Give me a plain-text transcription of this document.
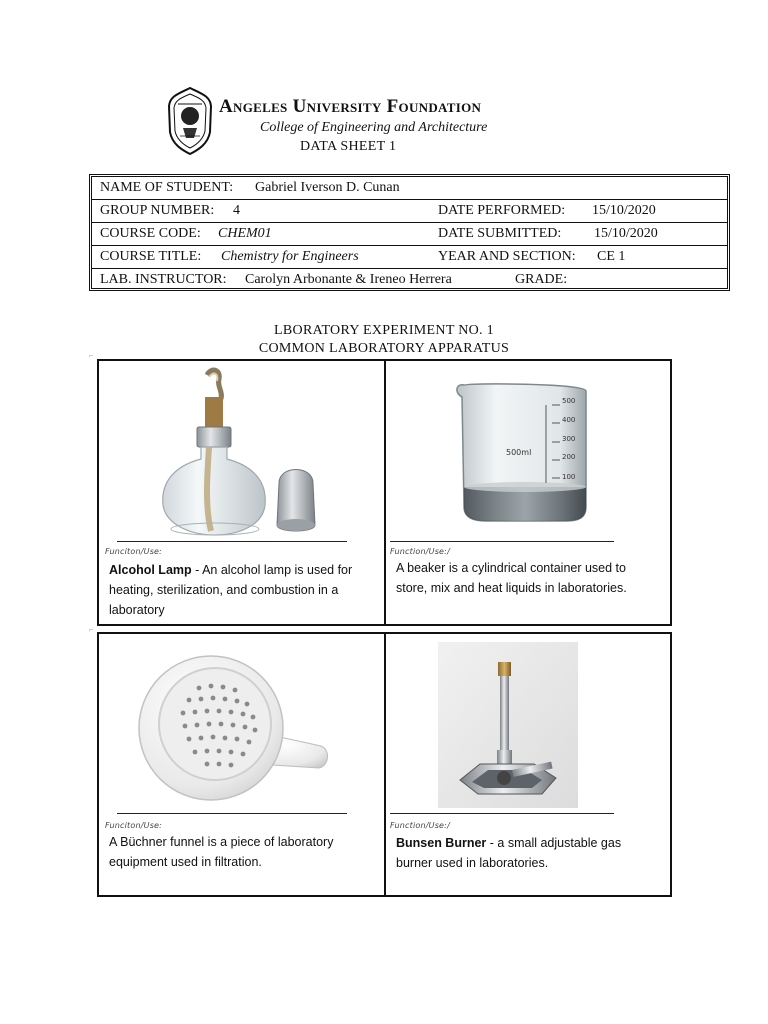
Angeles University Foundation
College of Engineering and Architecture
DATA SHEET 1
NAME OF STUDENT: Gabriel Iverson D. Cunan
GROUP NUMBER: 4	DATE PERFORMED: 15/10/2020
COURSE CODE: CHEM01	DATE SUBMITTED: 15/10/2020
COURSE TITLE: Chemistry for Engineers	YEAR AND SECTION: CE 1
LAB. INSTRUCTOR: Carolyn Arbonante & Ireneo Herrera	GRADE:
LBORATORY EXPERIMENT NO. 1
COMMON LABORATORY APPARATUS
⌐
⌐
Funciton/Use:
Alcohol Lamp - An alcohol lamp is used for heating, sterilization, and combustion in a laboratory
500
400
300
200
100
500ml
Function/Use:/
A beaker is a cylindrical container used to store, mix and heat liquids in laboratories.
Funciton/Use:
A Büchner funnel is a piece of laboratory equipment used in filtration.
Function/Use:/
Bunsen Burner - a small adjustable gas burner used in laboratories.
